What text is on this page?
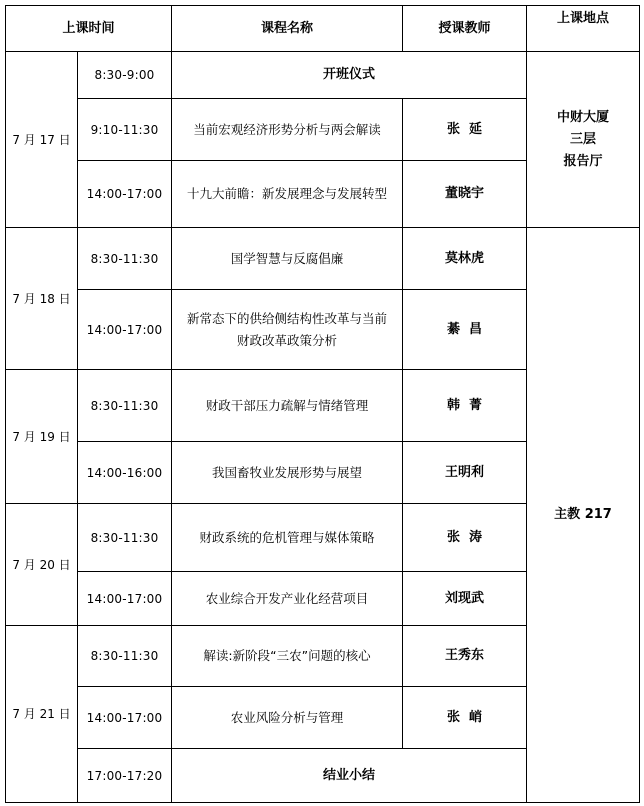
上课时间		课程名称	授课教师	上课地点
7 月 17 日	8:30-9:00	开班仪式		中财大厦
三层
报告厅

	9:10-11:30	当前宏观经济形势分析与两会解读	张  延	
	14:00-17:00	十九大前瞻：新发展理念与发展转型	董晓宇	
7 月 18 日	8:30-11:30	国学智慧与反腐倡廉	莫林虎	主教 217
	14:00-17:00	新常态下的供给侧结构性改革与当前
财政改革政策分析	綦  昌	
7 月 19 日	8:30-11:30	财政干部压力疏解与情绪管理	韩  菁	
	14:00-16:00	我国畜牧业发展形势与展望	王明利	
7 月 20 日	8:30-11:30	财政系统的危机管理与媒体策略	张  涛	
	14:00-17:00	农业综合开发产业化经营项目	刘现武	
7 月 21 日	8:30-11:30	解读:新阶段“三农”问题的核心	王秀东	
	14:00-17:00	农业风险分析与管理	张  峭	
	17:00-17:20	结业小结		
